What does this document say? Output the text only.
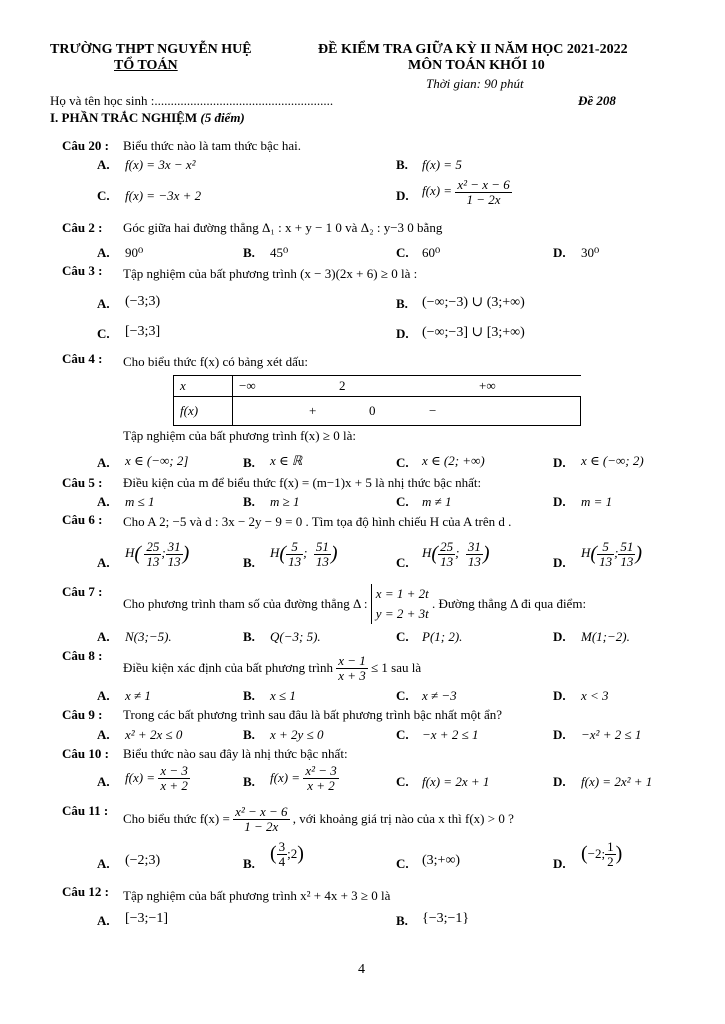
TRƯỜNG THPT NGUYỄN HUỆ
TỔ TOÁN
ĐỀ KIỂM TRA GIỮA KỲ II NĂM HỌC 2021-2022
MÔN TOÁN KHỐI 10
Thời gian: 90 phút
Họ và tên học sinh :.......................................................	Đề 208
I. PHẦN TRẮC NGHIỆM (5 điểm)
Câu 20 : Biểu thức nào là tam thức bậc hai.
A. f(x) = 3x − x²	B. f(x) = 5
C. f(x) = −3x + 2	D. $f(x) = \frac{\text{x² − x − 6}}{1 - 2x}$
Câu 2 : Góc giữa hai đường thẳng Δ₁ : x + y − 1 0 và Δ₂ : y−3 0 bằng
A. 90⁰	B. 45⁰	C. 60⁰	D. 30⁰
Câu 3 : Tập nghiệm của bất phương trình (x − 3)(2x + 6) ≥ 0 là :
A. (−3;3)	B. (−∞;−3) ∪ (3;+∞)
C. [−3;3]	D. (−∞;−3] ∪ [3;+∞)
Câu 4 : Cho biểu thức f(x) có bảng xét dấu:
x	−∞ 2 +∞
f(x)	+ 0 −
Tập nghiệm của bất phương trình f(x) ≥ 0 là:
A. x ∈ (−∞; 2]	B. x ∈ ℝ	C. x ∈ (2; +∞)	D. x ∈ (−∞; 2)
Câu 5 : Điều kiện của m để biểu thức f(x) = (m−1)x + 5 là nhị thức bậc nhất:
A. m ≤ 1	B. m ≥ 1	C. m ≠ 1	D. m = 1
Câu 6 : Cho A 2; −5 và d : 3x − 2y − 9 = 0 . Tìm tọa độ hình chiếu H của A trên d .
A.
$H( \frac{25}{13}$ ; $\frac{31}{13}$ )	B.
$H( \frac{5}{13}$ ; $\frac{51}{13}$ )	C.
$H( \frac{25}{13}$ ; $\frac{31}{13}$ )	D.
$H( \frac{5}{13}$ ; $\frac{51}{13}$ )
Câu 7 :
Cho phương trình tham số của đường thẳng Δ :
x = 1 + 2t
y = 2 + 3t
. Đường thẳng Δ đi qua điểm:
A. N(3;−5).	B. Q(−3; 5).	C. P(1; 2).	D. M(1;−2).
Câu 8 :
Điều kiện xác định của bất phương trình $\frac{x - 1}{x + 3} \le 1$ sau là
A. x ≠ 1	B. x ≤ 1	C. x ≠ −3	D. x < 3
Câu 9 : Trong các bất phương trình sau đâu là bất phương trình bậc nhất một ẩn?
A. x² + 2x ≤ 0	B. x + 2y ≤ 0	C. −x + 2 ≤ 1	D. −x² + 2 ≤ 1
Câu 10 : Biểu thức nào sau đây là nhị thức bậc nhất:
A. $f(x) = \frac{x - 3}{x + 2}$	B. $f(x) = \frac{\text{x² − 3}}{x + 2}$	C. f(x) = 2x + 1	D. f(x) = 2x² + 1
Câu 11 :
Cho biểu thức $f(x) = \frac{\text{x² − x − 6}}{1 - 2x}$ , với khoảng giá trị nào của x thì f(x) > 0 ?
A. (−2;3)	B. ( $\frac{3}{4}$ ;2)	C. (3;+∞)	D. (−2; $\frac{1}{2}$ )
Câu 12 : Tập nghiệm của bất phương trình x² + 4x + 3 ≥ 0 là
A. [−3;−1]	B. {−3;−1}
4
